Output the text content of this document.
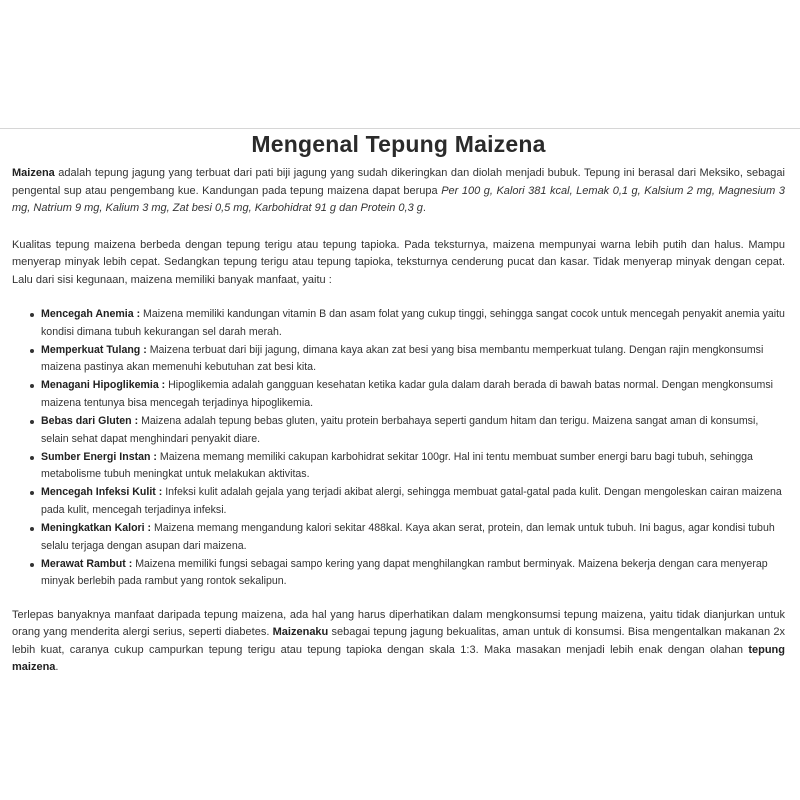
Mengenal Tepung Maizena

Maizena adalah tepung jagung yang terbuat dari pati biji jagung yang sudah dikeringkan dan diolah menjadi bubuk. Tepung ini berasal dari Meksiko, sebagai pengental sup atau pengembang kue. Kandungan pada tepung maizena dapat berupa Per 100 g, Kalori 381 kcal, Lemak 0,1 g, Kalsium 2 mg, Magnesium 3 mg, Natrium 9 mg, Kalium 3 mg, Zat besi 0,5 mg, Karbohidrat 91 g dan Protein 0,3 g.

Kualitas tepung maizena berbeda dengan tepung terigu atau tepung tapioka. Pada teksturnya, maizena mempunyai warna lebih putih dan halus. Mampu menyerap minyak lebih cepat. Sedangkan tepung terigu atau tepung tapioka, teksturnya cenderung pucat dan kasar. Tidak menyerap minyak dengan cepat. Lalu dari sisi kegunaan, maizena memiliki banyak manfaat, yaitu :

Mencegah Anemia : Maizena memiliki kandungan vitamin B dan asam folat yang cukup tinggi, sehingga sangat cocok untuk mencegah penyakit anemia yaitu kondisi dimana tubuh kekurangan sel darah merah.
Memperkuat Tulang : Maizena terbuat dari biji jagung, dimana kaya akan zat besi yang bisa membantu memperkuat tulang. Dengan rajin mengkonsumsi maizena pastinya akan memenuhi kebutuhan zat besi kita.
Menagani Hipoglikemia : Hipoglikemia adalah gangguan kesehatan ketika kadar gula dalam darah berada di bawah batas normal. Dengan mengkonsumsi maizena tentunya bisa mencegah terjadinya hipoglikemia.
Bebas dari Gluten : Maizena adalah tepung bebas gluten, yaitu protein berbahaya seperti gandum hitam dan terigu. Maizena sangat aman di konsumsi, selain sehat dapat menghindari penyakit diare.
Sumber Energi Instan : Maizena memang memiliki cakupan karbohidrat sekitar 100gr. Hal ini tentu membuat sumber energi baru bagi tubuh, sehingga metabolisme tubuh meningkat untuk melakukan aktivitas.
Mencegah Infeksi Kulit : Infeksi kulit adalah gejala yang terjadi akibat alergi, sehingga membuat gatal-gatal pada kulit. Dengan mengoleskan cairan maizena pada kulit, mencegah terjadinya infeksi.
Meningkatkan Kalori : Maizena memang mengandung kalori sekitar 488kal. Kaya akan serat, protein, dan lemak untuk tubuh. Ini bagus, agar kondisi tubuh selalu terjaga dengan asupan dari maizena.
Merawat Rambut : Maizena memiliki fungsi sebagai sampo kering yang dapat menghilangkan rambut berminyak. Maizena bekerja dengan cara menyerap minyak berlebih pada rambut yang rontok sekalipun.

Terlepas banyaknya manfaat daripada tepung maizena, ada hal yang harus diperhatikan dalam mengkonsumsi tepung maizena, yaitu tidak dianjurkan untuk orang yang menderita alergi serius, seperti diabetes. Maizenaku sebagai tepung jagung bekualitas, aman untuk di konsumsi. Bisa mengentalkan makanan 2x lebih kuat, caranya cukup campurkan tepung terigu atau tepung tapioka dengan skala 1:3. Maka masakan menjadi lebih enak dengan olahan tepung maizena.
